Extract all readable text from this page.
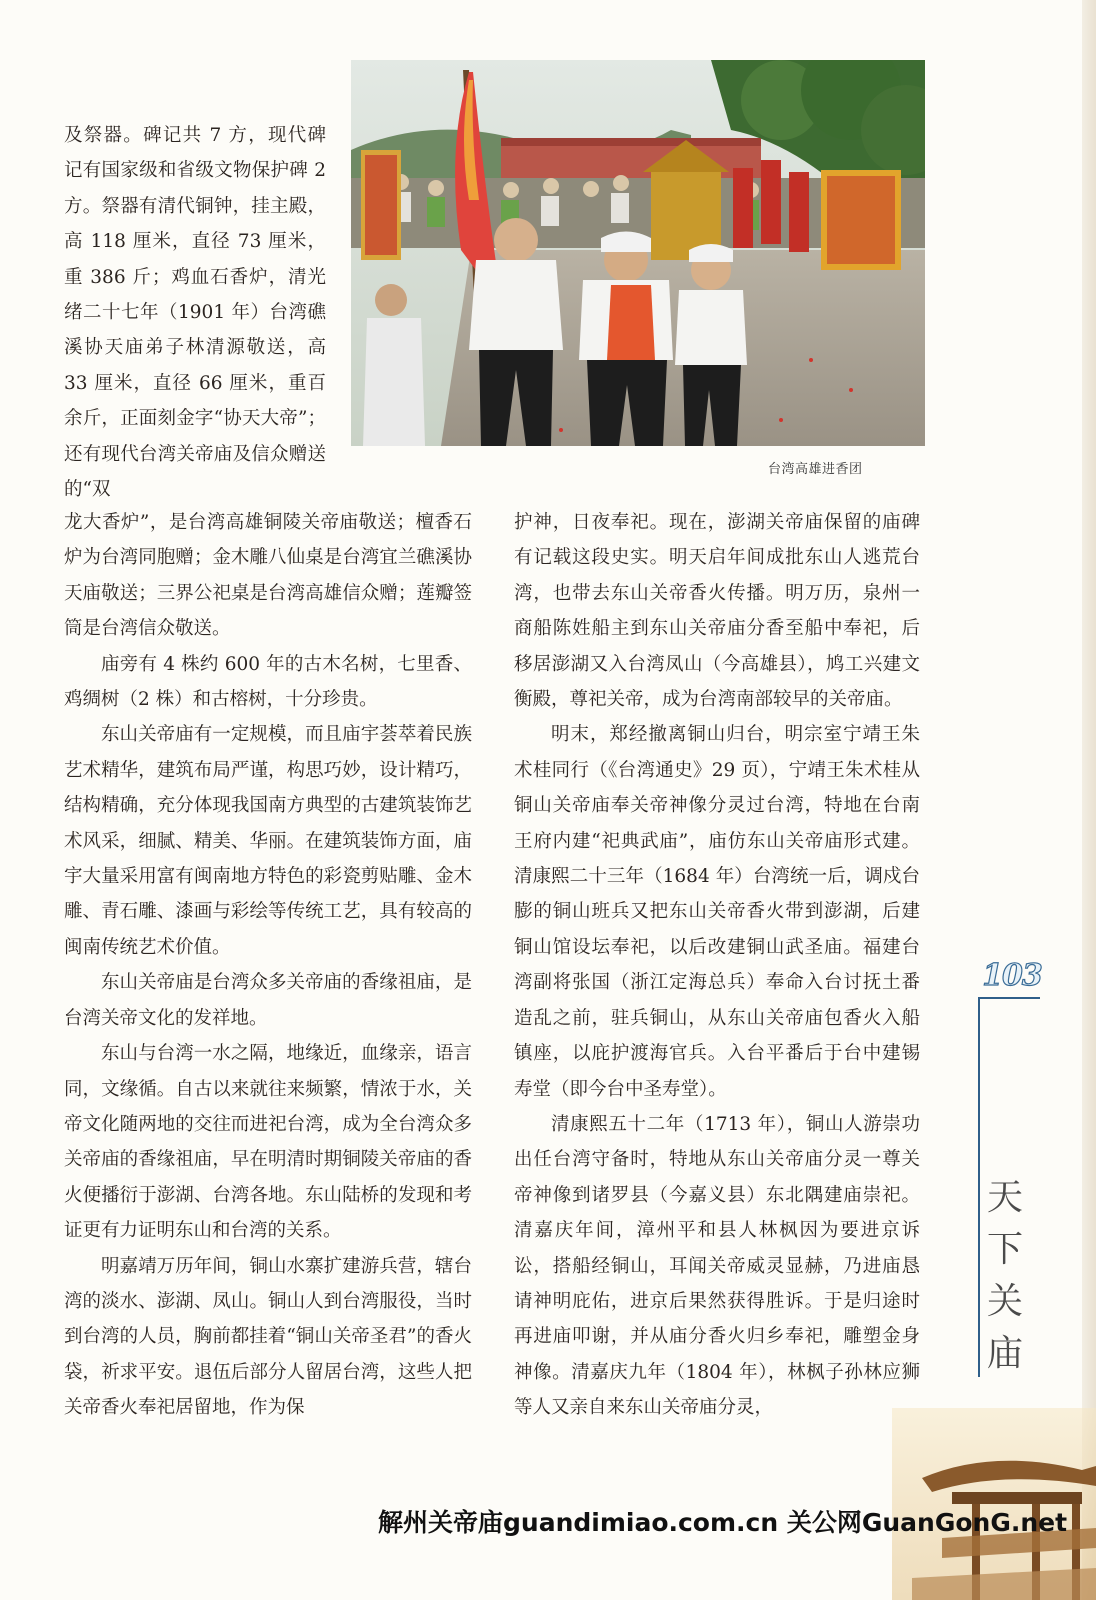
台湾高雄进香团

及祭器。碑记共 7 方，现代碑记有国家级和省级文物保护碑 2 方。祭器有清代铜钟，挂主殿，高 118 厘米，直径 73 厘米，重 386 斤；鸡血石香炉，清光绪二十七年（1901 年）台湾礁溪协天庙弟子林清源敬送，高 33 厘米，直径 66 厘米，重百余斤，正面刻金字“协天大帝”；还有现代台湾关帝庙及信众赠送的“双

龙大香炉”，是台湾高雄铜陵关帝庙敬送；檀香石炉为台湾同胞赠；金木雕八仙桌是台湾宜兰礁溪协天庙敬送；三界公祀桌是台湾高雄信众赠；莲瓣签筒是台湾信众敬送。

庙旁有 4 株约 600 年的古木名树，七里香、鸡绸树（2 株）和古榕树，十分珍贵。

东山关帝庙有一定规模，而且庙宇荟萃着民族艺术精华，建筑布局严谨，构思巧妙，设计精巧，结构精确，充分体现我国南方典型的古建筑装饰艺术风采，细腻、精美、华丽。在建筑装饰方面，庙宇大量采用富有闽南地方特色的彩瓷剪贴雕、金木雕、青石雕、漆画与彩绘等传统工艺，具有较高的闽南传统艺术价值。

东山关帝庙是台湾众多关帝庙的香缘祖庙，是台湾关帝文化的发祥地。

东山与台湾一水之隔，地缘近，血缘亲，语言同，文缘循。自古以来就往来频繁，情浓于水，关帝文化随两地的交往而进祀台湾，成为全台湾众多关帝庙的香缘祖庙，早在明清时期铜陵关帝庙的香火便播衍于澎湖、台湾各地。东山陆桥的发现和考证更有力证明东山和台湾的关系。

明嘉靖万历年间，铜山水寨扩建游兵营，辖台湾的淡水、澎湖、凤山。铜山人到台湾服役，当时到台湾的人员，胸前都挂着“铜山关帝圣君”的香火袋，祈求平安。退伍后部分人留居台湾，这些人把关帝香火奉祀居留地，作为保

护神，日夜奉祀。现在，澎湖关帝庙保留的庙碑有记载这段史实。明天启年间成批东山人逃荒台湾，也带去东山关帝香火传播。明万历，泉州一商船陈姓船主到东山关帝庙分香至船中奉祀，后移居澎湖又入台湾凤山（今高雄县），鸠工兴建文衡殿，尊祀关帝，成为台湾南部较早的关帝庙。

明末，郑经撤离铜山归台，明宗室宁靖王朱术桂同行（《台湾通史》29 页），宁靖王朱术桂从铜山关帝庙奉关帝神像分灵过台湾，特地在台南王府内建“祀典武庙”，庙仿东山关帝庙形式建。清康熙二十三年（1684 年）台湾统一后，调戍台膨的铜山班兵又把东山关帝香火带到澎湖，后建铜山馆设坛奉祀，以后改建铜山武圣庙。福建台湾副将张国（浙江定海总兵）奉命入台讨抚土番造乱之前，驻兵铜山，从东山关帝庙包香火入船镇座，以庇护渡海官兵。入台平番后于台中建锡寿堂（即今台中圣寿堂）。

清康熙五十二年（1713 年），铜山人游崇功出任台湾守备时，特地从东山关帝庙分灵一尊关帝神像到诸罗县（今嘉义县）东北隅建庙崇祀。清嘉庆年间，漳州平和县人林枫因为要进京诉讼，搭船经铜山，耳闻关帝威灵显赫，乃进庙恳请神明庇佑，进京后果然获得胜诉。于是归途时再进庙叩谢，并从庙分香火归乡奉祀，雕塑金身神像。清嘉庆九年（1804 年），林枫子孙林应狮等人又亲自来东山关帝庙分灵，

103
天下关庙
解州关帝庙guandimiao.com.cn 关公网GuanGonG.net
